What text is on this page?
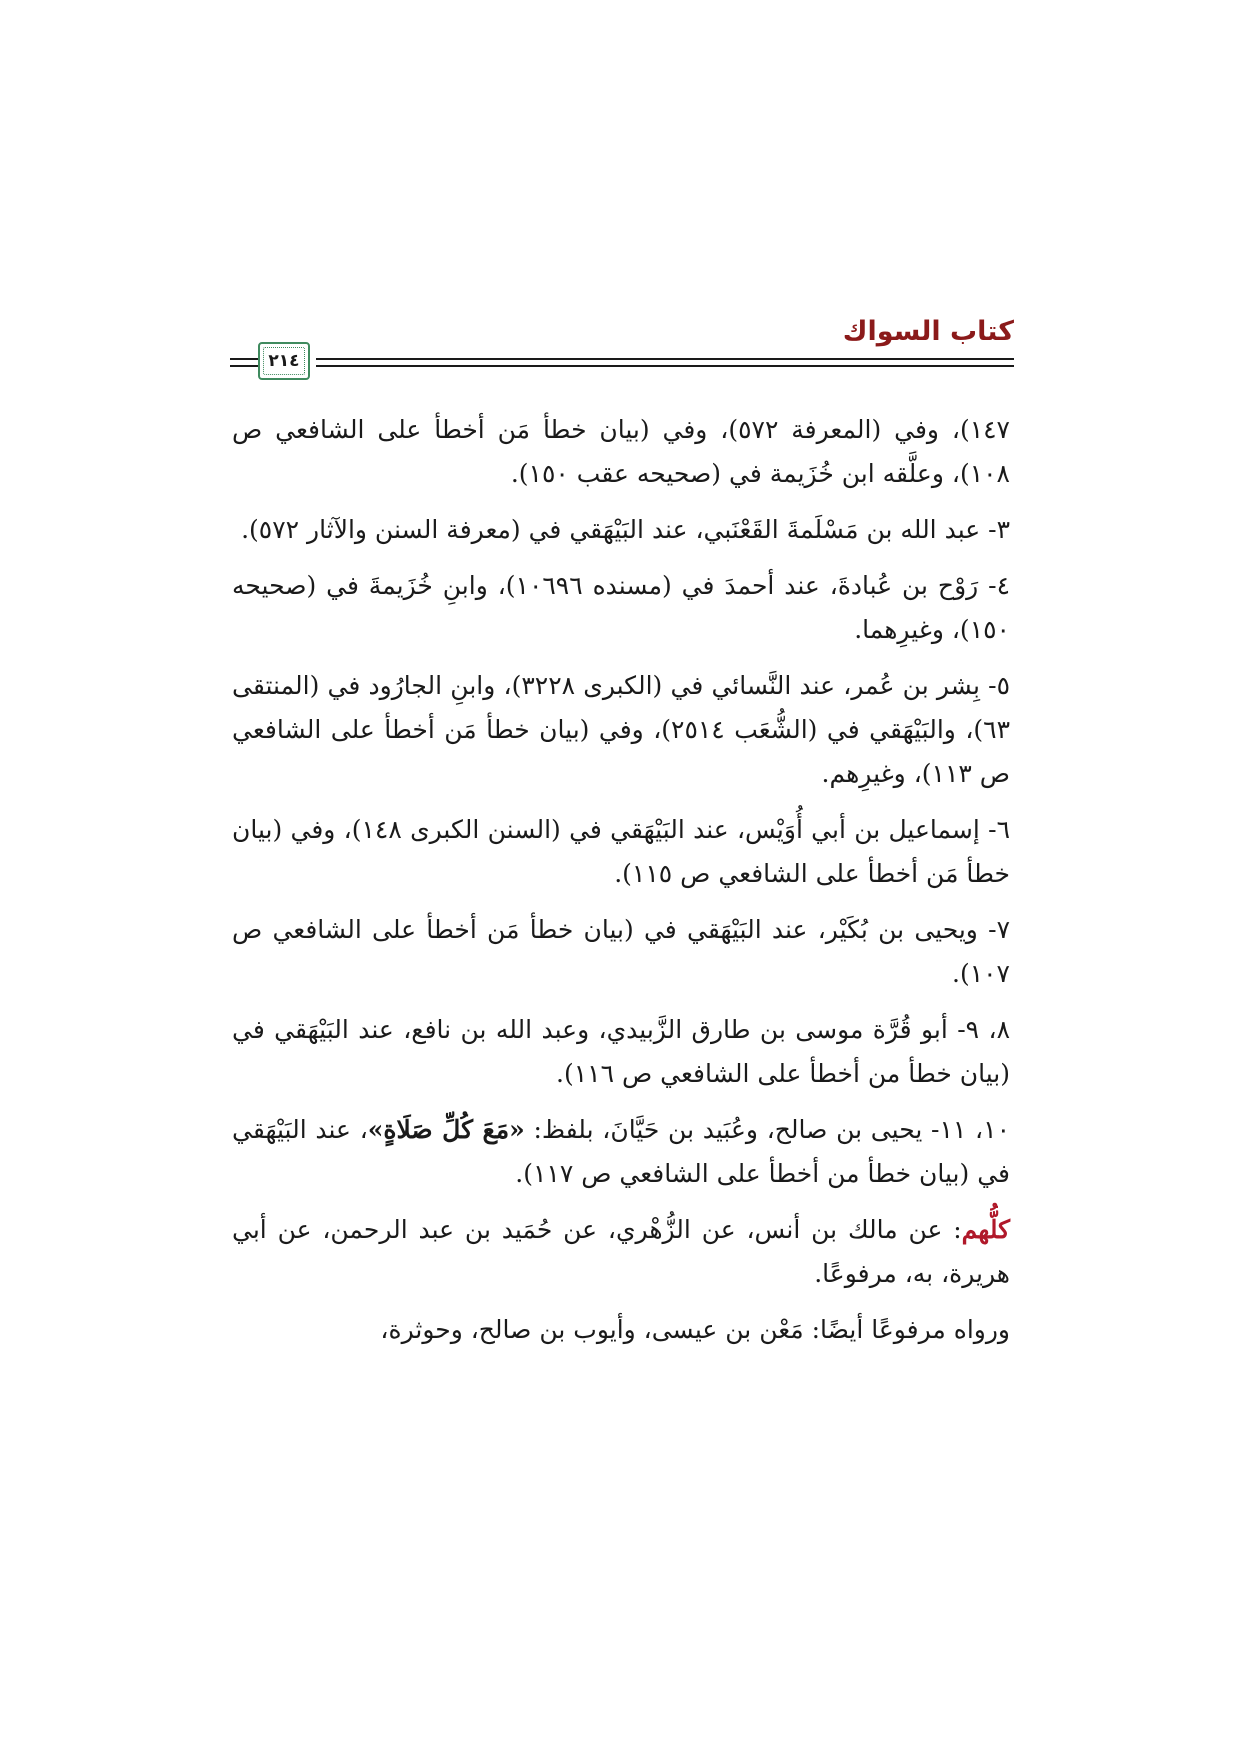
كتاب السواك
٢١٤

١٤٧)، وفي (المعرفة ٥٧٢)، وفي (بيان خطأ مَن أخطأ على الشافعي ص ١٠٨)، وعلَّقه ابن خُزَيمة في (صحيحه عقب ١٥٠).

٣- عبد الله بن مَسْلَمةَ القَعْنَبي، عند البَيْهَقي في (معرفة السنن والآثار ٥٧٢).

٤- رَوْح بن عُبادةَ، عند أحمدَ في (مسنده ١٠٦٩٦)، وابنِ خُزَيمةَ في (صحيحه ١٥٠)، وغيرِهما.

٥- بِشر بن عُمر، عند النَّسائي في (الكبرى ٣٢٢٨)، وابنِ الجارُود في (المنتقى ٦٣)، والبَيْهَقي في (الشُّعَب ٢٥١٤)، وفي (بيان خطأ مَن أخطأ على الشافعي ص ١١٣)، وغيرِهم.

٦- إسماعيل بن أبي أُوَيْس، عند البَيْهَقي في (السنن الكبرى ١٤٨)، وفي (بيان خطأ مَن أخطأ على الشافعي ص ١١٥).

٧- ويحيى بن بُكَيْر، عند البَيْهَقي في (بيان خطأ مَن أخطأ على الشافعي ص ١٠٧).

٨، ٩- أبو قُرَّة موسى بن طارق الزَّبيدي، وعبد الله بن نافع، عند البَيْهَقي في (بيان خطأ من أخطأ على الشافعي ص ١١٦).

١٠، ١١- يحيى بن صالح، وعُبَيد بن حَيَّانَ، بلفظ: «مَعَ كُلِّ صَلَاةٍ»، عند البَيْهَقي في (بيان خطأ من أخطأ على الشافعي ص ١١٧).

كلُّهم: عن مالك بن أنس، عن الزُّهْري، عن حُمَيد بن عبد الرحمن، عن أبي هريرة، به، مرفوعًا.

ورواه مرفوعًا أيضًا: مَعْن بن عيسى، وأيوب بن صالح، وحوثرة،
